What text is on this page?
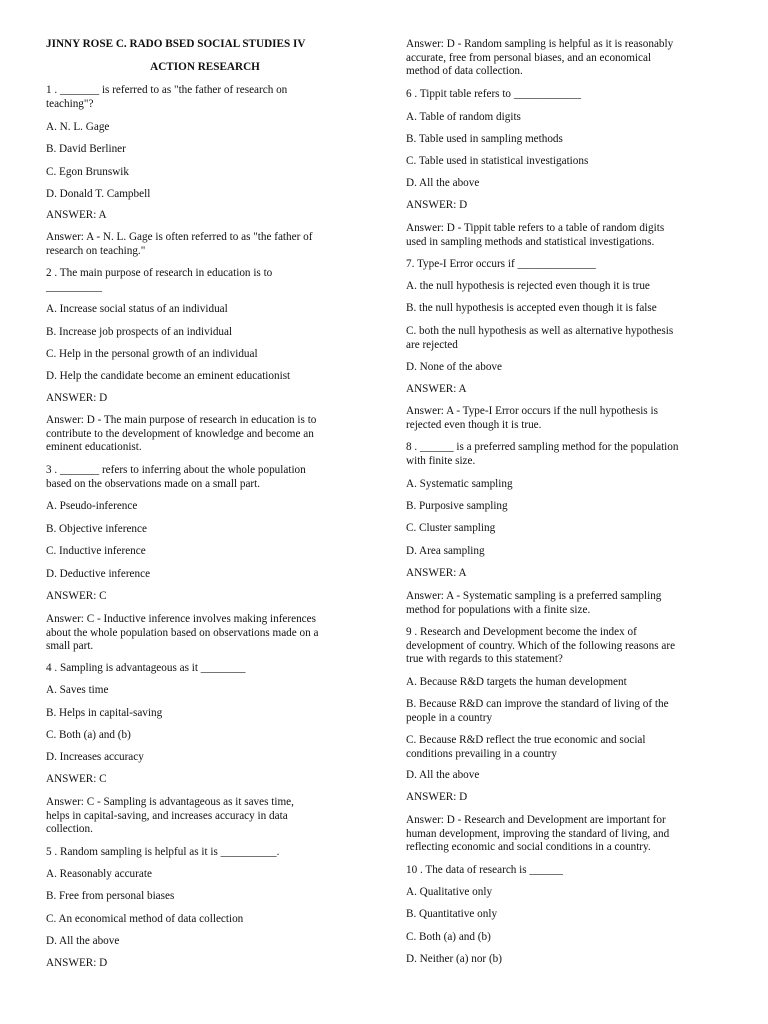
JINNY ROSE C. RADO BSED SOCIAL STUDIES IV
ACTION RESEARCH
1 . _______ is referred to as "the father of research on
teaching"?
A. N. L. Gage
B. David Berliner
C. Egon Brunswik
D. Donald T. Campbell
ANSWER: A
Answer: A - N. L. Gage is often referred to as "the father of
research on teaching."
2 . The main purpose of research in education is to
__________
A. Increase social status of an individual
B. Increase job prospects of an individual
C. Help in the personal growth of an individual
D. Help the candidate become an eminent educationist
ANSWER: D
Answer: D - The main purpose of research in education is to
contribute to the development of knowledge and become an
eminent educationist.
3 . _______ refers to inferring about the whole population
based on the observations made on a small part.
A. Pseudo-inference
B. Objective inference
C. Inductive inference
D. Deductive inference
ANSWER: C
Answer: C - Inductive inference involves making inferences
about the whole population based on observations made on a
small part.
4 . Sampling is advantageous as it ________
A. Saves time
B. Helps in capital-saving
C. Both (a) and (b)
D. Increases accuracy
ANSWER: C
Answer: C - Sampling is advantageous as it saves time,
helps in capital-saving, and increases accuracy in data
collection.
5 . Random sampling is helpful as it is __________.
A. Reasonably accurate
B. Free from personal biases
C. An economical method of data collection
D. All the above
ANSWER: D
Answer: D - Random sampling is helpful as it is reasonably
accurate, free from personal biases, and an economical
method of data collection.
6 . Tippit table refers to ____________
A. Table of random digits
B. Table used in sampling methods
C. Table used in statistical investigations
D. All the above
ANSWER: D
Answer: D - Tippit table refers to a table of random digits
used in sampling methods and statistical investigations.
7. Type-I Error occurs if ______________
A. the null hypothesis is rejected even though it is true
B. the null hypothesis is accepted even though it is false
C. both the null hypothesis as well as alternative hypothesis
are rejected
D. None of the above
ANSWER: A
Answer: A - Type-I Error occurs if the null hypothesis is
rejected even though it is true.
8 . ______ is a preferred sampling method for the population
with finite size.
A. Systematic sampling
B. Purposive sampling
C. Cluster sampling
D. Area sampling
ANSWER: A
Answer: A - Systematic sampling is a preferred sampling
method for populations with a finite size.
9 . Research and Development become the index of
development of country. Which of the following reasons are
true with regards to this statement?
A. Because R&D targets the human development
B. Because R&D can improve the standard of living of the
people in a country
C. Because R&D reflect the true economic and social
conditions prevailing in a country
D. All the above
ANSWER: D
Answer: D - Research and Development are important for
human development, improving the standard of living, and
reflecting economic and social conditions in a country.
10 . The data of research is ______
A. Qualitative only
B. Quantitative only
C. Both (a) and (b)
D. Neither (a) nor (b)
